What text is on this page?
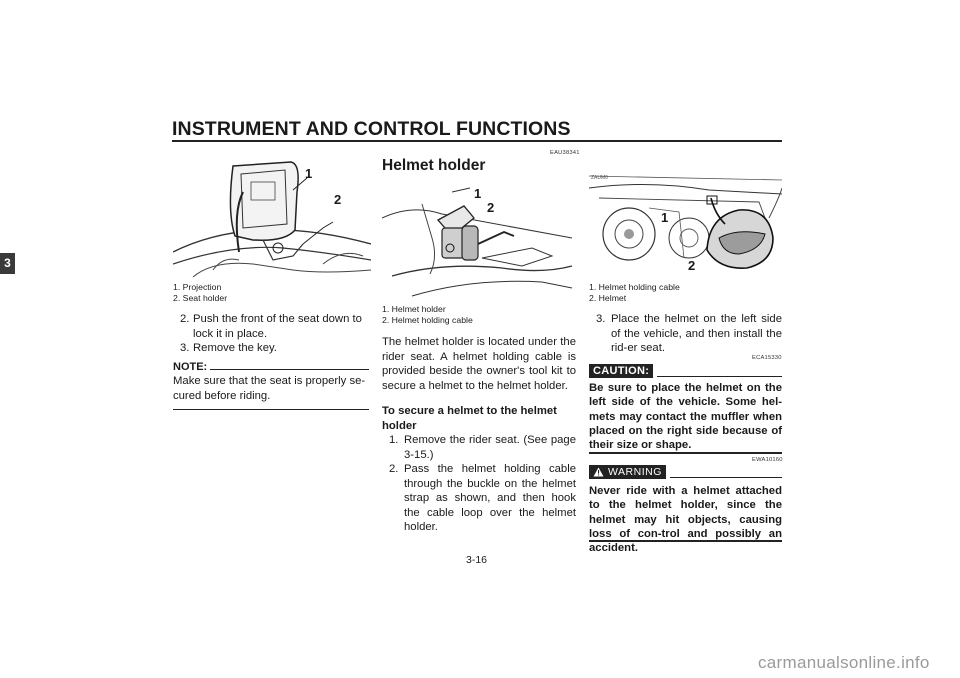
INSTRUMENT AND CONTROL FUNCTIONS
3
1
2
1. Projection
2. Seat holder
2. Push the front of the seat down to lock it in place.
3. Remove the key.
NOTE:
Make sure that the seat is properly se-cured before riding.
EAU38341
Helmet holder
1
2
1. Helmet holder
2. Helmet holding cable
The helmet holder is located under the rider seat. A helmet holding cable is provided beside the owner's tool kit to secure a helmet to the helmet holder.
To secure a helmet to the helmet holder
1. Remove the rider seat. (See page 3-15.)
2. Pass the helmet holding cable through the buckle on the helmet strap as shown, and then hook the cable loop over the helmet holder.
ZAUM0
1
2
1. Helmet holding cable
2. Helmet
3. Place the helmet on the left side of the vehicle, and then install the rid-er seat.
ECA15330
CAUTION:
Be sure to place the helmet on the left side of the vehicle. Some hel-mets may contact the muffler when placed on the right side because of their size or shape.
EWA10160
WARNING
Never ride with a helmet attached to the helmet holder, since the helmet may hit objects, causing loss of con-trol and possibly an accident.
3-16
carmanualsonline.info
